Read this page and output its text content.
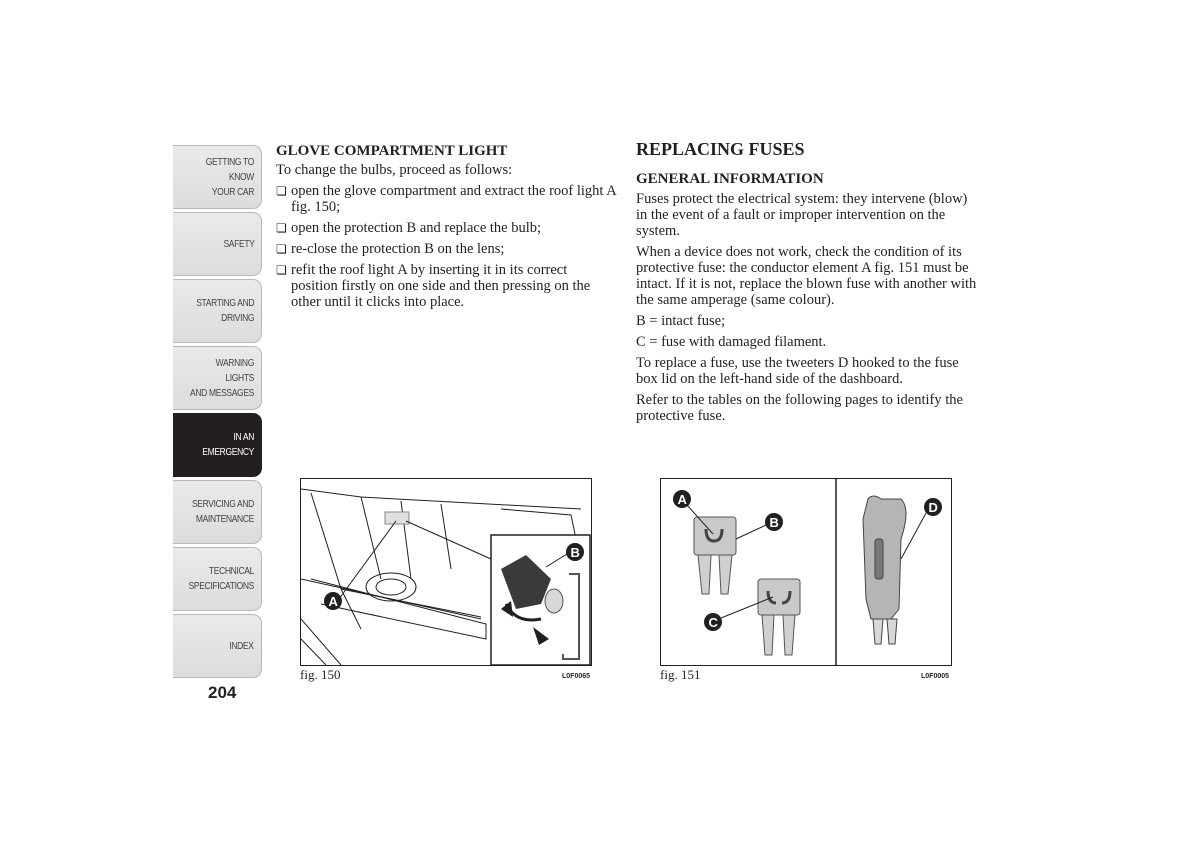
GETTING TO KNOW
YOUR CAR
SAFETY
STARTING AND
DRIVING
WARNING LIGHTS
AND MESSAGES
IN AN EMERGENCY
SERVICING AND
MAINTENANCE
TECHNICAL
SPECIFICATIONS
INDEX
204
GLOVE COMPARTMENT LIGHT

To change the bulbs, proceed as follows:

❏ open the glove compartment and extract the roof light A fig. 150;
❏ open the protection B and replace the bulb;
❏ re-close the protection B on the lens;
❏ refit the roof light A by inserting it in its correct position firstly on one side and then pressing on the other until it clicks into place.
A
B
fig. 150	L0F0065
REPLACING FUSES
GENERAL INFORMATION

Fuses protect the electrical system: they intervene (blow) in the event of a fault or improper intervention on the system.

When a device does not work, check the condition of its protective fuse: the conductor element A fig. 151 must be intact. If it is not, replace the blown fuse with another with the same amperage (same colour).

B = intact fuse;

C = fuse with damaged filament.

To replace a fuse, use the tweeters D hooked to the fuse box lid on the left-hand side of the dashboard.

Refer to the tables on the following pages to identify the protective fuse.

A
B
C
D
fig. 151	L0F0005
